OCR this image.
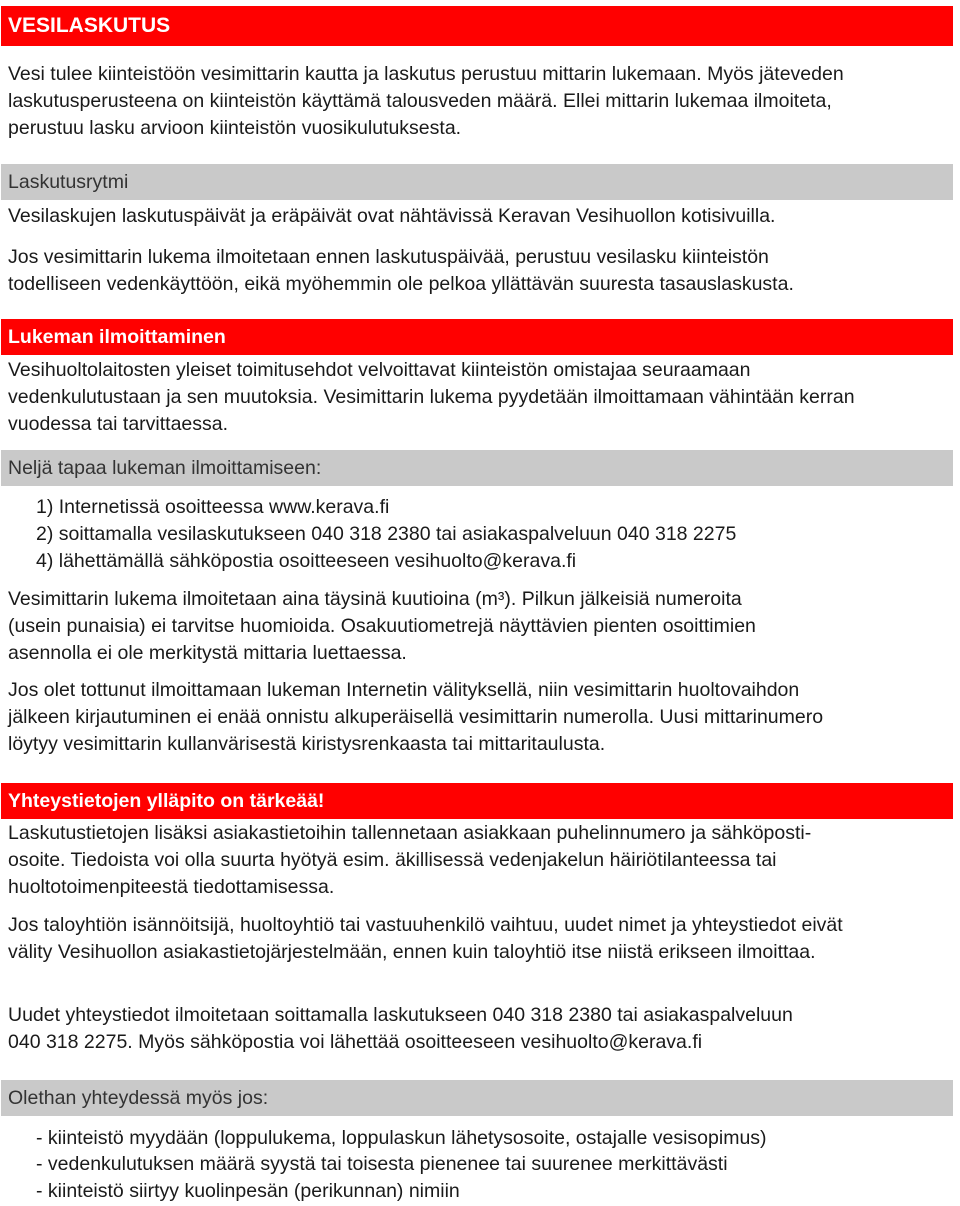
VESILASKUTUS
Vesi tulee kiinteistöön vesimittarin kautta ja laskutus perustuu mittarin lukemaan. Myös jäteveden
laskutusperusteena on kiinteistön käyttämä talousveden määrä. Ellei mittarin lukemaa ilmoiteta,
perustuu lasku arvioon kiinteistön vuosikulutuksesta.
Laskutusrytmi
Vesilaskujen laskutuspäivät ja eräpäivät ovat nähtävissä Keravan Vesihuollon kotisivuilla.
Jos vesimittarin lukema ilmoitetaan ennen laskutuspäivää, perustuu vesilasku kiinteistön
todelliseen vedenkäyttöön, eikä myöhemmin ole pelkoa yllättävän suuresta tasauslaskusta.
Lukeman ilmoittaminen
Vesihuoltolaitosten yleiset toimitusehdot velvoittavat kiinteistön omistajaa seuraamaan
vedenkulutustaan ja sen muutoksia. Vesimittarin lukema pyydetään ilmoittamaan vähintään kerran
vuodessa tai tarvittaessa.
Neljä tapaa lukeman ilmoittamiseen:
1) Internetissä osoitteessa www.kerava.fi
2) soittamalla vesilaskutukseen 040 318 2380 tai asiakaspalveluun 040 318 2275
4) lähettämällä sähköpostia osoitteeseen vesihuolto@kerava.fi
Vesimittarin lukema ilmoitetaan aina täysinä kuutioina (m³). Pilkun jälkeisiä numeroita
(usein punaisia) ei tarvitse huomioida. Osakuutiometrejä näyttävien pienten osoittimien
asennolla ei ole merkitystä mittaria luettaessa.
Jos olet tottunut ilmoittamaan lukeman Internetin välityksellä, niin vesimittarin huoltovaihdon
jälkeen kirjautuminen ei enää onnistu alkuperäisellä vesimittarin numerolla. Uusi mittarinumero
löytyy vesimittarin kullanvärisestä kiristysrenkaasta tai mittaritaulusta.
Yhteystietojen ylläpito on tärkeää!
Laskutustietojen lisäksi asiakastietoihin tallennetaan asiakkaan puhelinnumero ja sähköposti-
osoite. Tiedoista voi olla suurta hyötyä esim. äkillisessä vedenjakelun häiriötilanteessa tai
huoltotoimenpiteestä tiedottamisessa.
Jos taloyhtiön isännöitsijä, huoltoyhtiö tai vastuuhenkilö vaihtuu, uudet nimet ja yhteystiedot eivät
välity Vesihuollon asiakastietojärjestelmään, ennen kuin taloyhtiö itse niistä erikseen ilmoittaa.
Uudet yhteystiedot ilmoitetaan soittamalla laskutukseen 040 318 2380 tai asiakaspalveluun
040 318 2275. Myös sähköpostia voi lähettää osoitteeseen vesihuolto@kerava.fi
Olethan yhteydessä myös jos:
- kiinteistö myydään (loppulukema, loppulaskun lähetysosoite, ostajalle vesisopimus)
- vedenkulutuksen määrä syystä tai toisesta pienenee tai suurenee merkittävästi
- kiinteistö siirtyy kuolinpesän (perikunnan) nimiin
